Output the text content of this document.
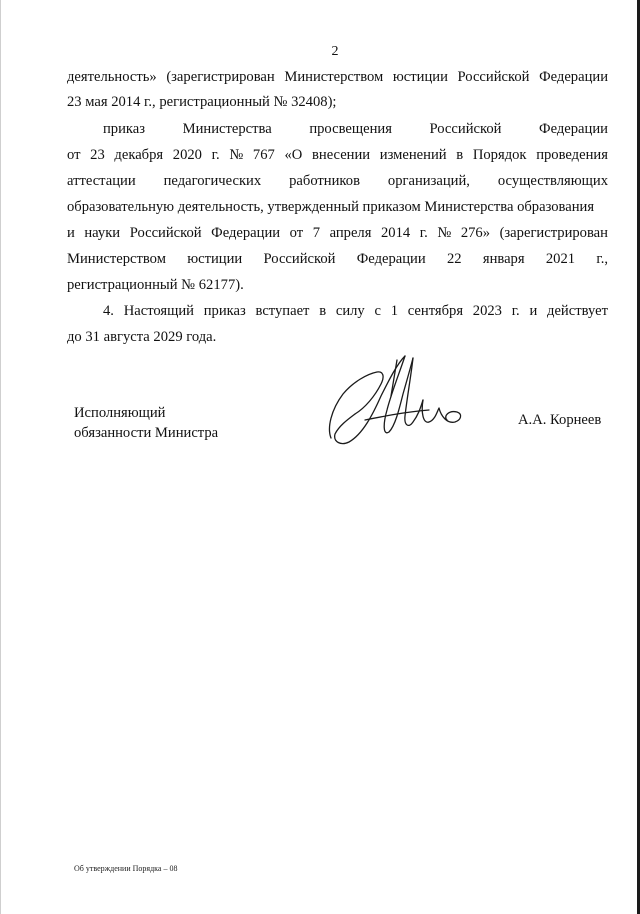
2
деятельность» (зарегистрирован Министерством юстиции Российской Федерации
23 мая 2014 г., регистрационный № 32408);
приказ	Министерства	просвещения	Российской	Федерации
от 23 декабря 2020 г. № 767 «О внесении изменений в Порядок проведения
аттестации педагогических работников организаций, осуществляющих
образовательную деятельность, утвержденный приказом Министерства образования
и науки Российской Федерации от 7 апреля 2014 г. № 276» (зарегистрирован
Министерством юстиции Российской Федерации 22 января 2021 г.,
регистрационный № 62177).
4. Настоящий приказ вступает в силу с 1 сентября 2023 г. и действует
до 31 августа 2029 года.
Исполняющий
обязанности Министра
А.А. Корнеев
Об утверждении Порядка – 08
